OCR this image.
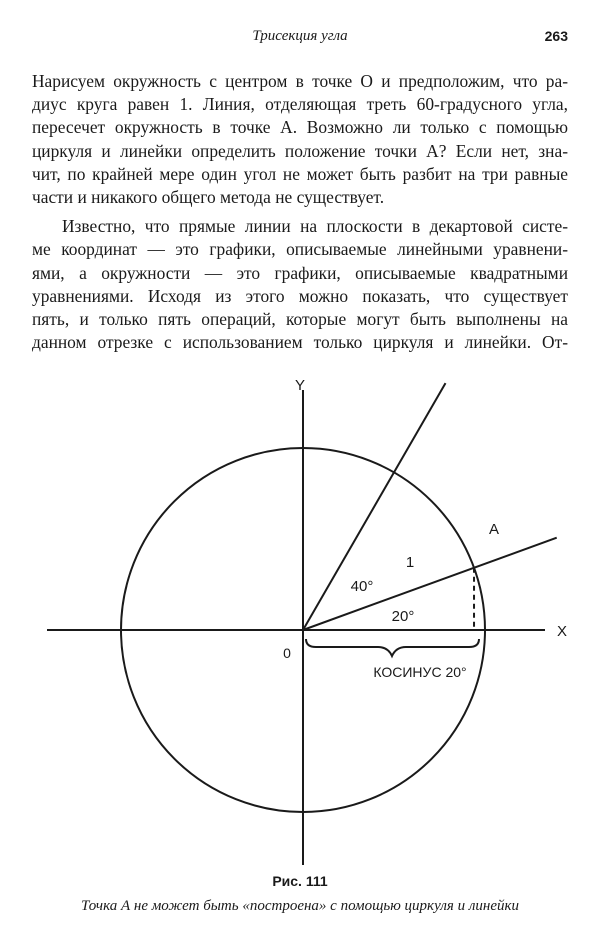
Трисекция угла	263

Нарисуем окружность с центром в точке О и предположим, что ра-
диус круга равен 1. Линия, отделяющая треть 60-градусного угла,
пересечет окружность в точке А. Возможно ли только с помощью
циркуля и линейки определить положение точки А? Если нет, зна-
чит, по крайней мере один угол не может быть разбит на три равные
части и никакого общего метода не существует.

Известно, что прямые линии на плоскости в декартовой систе-
ме координат — это графики, описываемые линейными уравнени-
ями, а окружности — это графики, описываемые квадратными
уравнениями. Исходя из этого можно показать, что существует
пять, и только пять операций, которые могут быть выполнены на
данном отрезке с использованием только циркуля и линейки. От-

Y
X
0
A
1
40°
20°
КОСИНУС 20°
Рис. 111
Точка А не может быть «построена» с помощью циркуля и линейки
